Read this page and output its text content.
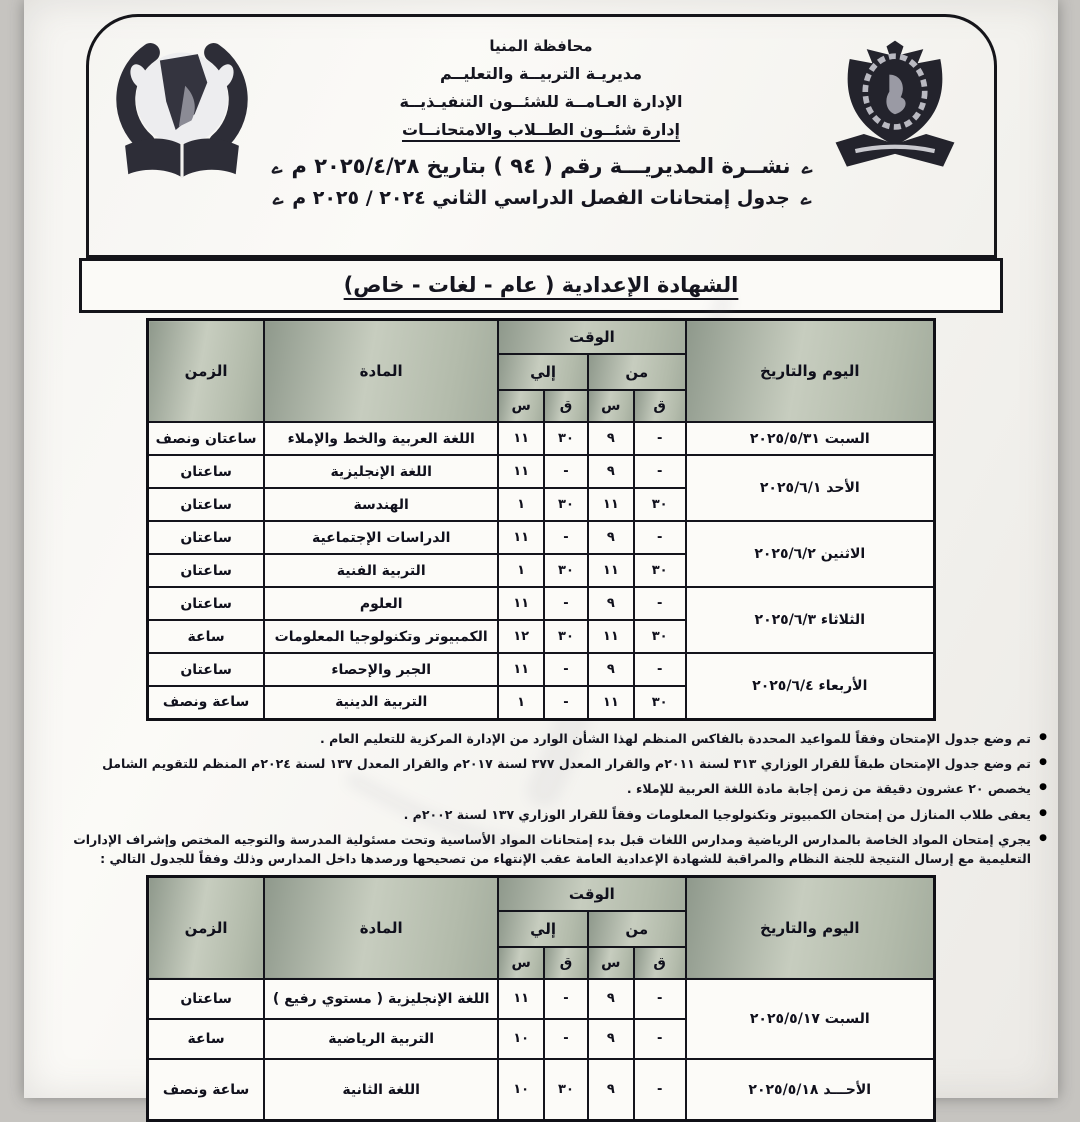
محافظة المنيا
مديريـة التربيــة والتعليــم
الإدارة العـامــة للشئــون التنفيـذيــة
إدارة شئــون الطــلاب والامتحانــات
ےنشــرة المديريـــة رقم ( ٩٤ ) بتاريخ ٢٠٢٥/٤/٢٨ مے
ےجدول إمتحانات الفصل الدراسي الثاني ٢٠٢٤ / ٢٠٢٥ مے
الشهادة الإعدادية ( عام - لغات - خاص)
اليوم والتاريخ	الوقت				المادة	الزمن
	من		إلي			
	ق	س	ق	س		
السبت ٢٠٢٥/٥/٣١	-	٩	٣٠	١١	اللغة العربية والخط والإملاء	ساعتان ونصف
الأحد ٢٠٢٥/٦/١	-	٩	-	١١	اللغة الإنجليزية	ساعتان
	٣٠	١١	٣٠	١	الهندسة	ساعتان
الاثنين ٢٠٢٥/٦/٢	-	٩	-	١١	الدراسات الإجتماعية	ساعتان
	٣٠	١١	٣٠	١	التربية الفنية	ساعتان
الثلاثاء ٢٠٢٥/٦/٣	-	٩	-	١١	العلوم	ساعتان
	٣٠	١١	٣٠	١٢	الكمبيوتر وتكنولوجيا المعلومات	ساعة
الأربعاء ٢٠٢٥/٦/٤	-	٩	-	١١	الجبر والإحصاء	ساعتان
	٣٠	١١	-	١	التربية الدينية	ساعة ونصف
● تم وضع جدول الإمتحان وفقاً للمواعيد المحددة بالفاكس المنظم لهذا الشأن الوارد من الإدارة المركزية للتعليم العام .
● تم وضع جدول الإمتحان طبقاً للقرار الوزاري ٣١٣ لسنة ٢٠١١م والقرار المعدل ٣٧٧ لسنة ٢٠١٧م والقرار المعدل ١٣٧ لسنة ٢٠٢٤م المنظم للتقويم الشامل
● يخصص ٢٠ عشرون دقيقة من زمن إجابة مادة اللغة العربية للإملاء .
● يعفى طلاب المنازل من إمتحان الكمبيوتر وتكنولوجيا المعلومات وفقاً للقرار الوزاري ١٣٧ لسنة ٢٠٠٢م .
● يجري إمتحان المواد الخاصة بالمدارس الرياضية ومدارس اللغات قبل بدء إمتحانات المواد الأساسية وتحت مسئولية المدرسة والتوجيه المختص وإشراف الإدارات التعليمية مع إرسال النتيجة للجنة النظام والمراقبة للشهادة الإعدادية العامة عقب الإنتهاء من تصحيحها ورصدها داخل المدارس وذلك وفقاً للجدول التالي :
اليوم والتاريخ	الوقت				المادة	الزمن
	من		إلي			
	ق	س	ق	س		
السبت ٢٠٢٥/٥/١٧	-	٩	-	١١	اللغة الإنجليزية ( مستوي رفيع )	ساعتان
	-	٩	-	١٠	التربية الرياضية	ساعة
الأحـــد ٢٠٢٥/٥/١٨	-	٩	٣٠	١٠	اللغة الثانية	ساعة ونصف
